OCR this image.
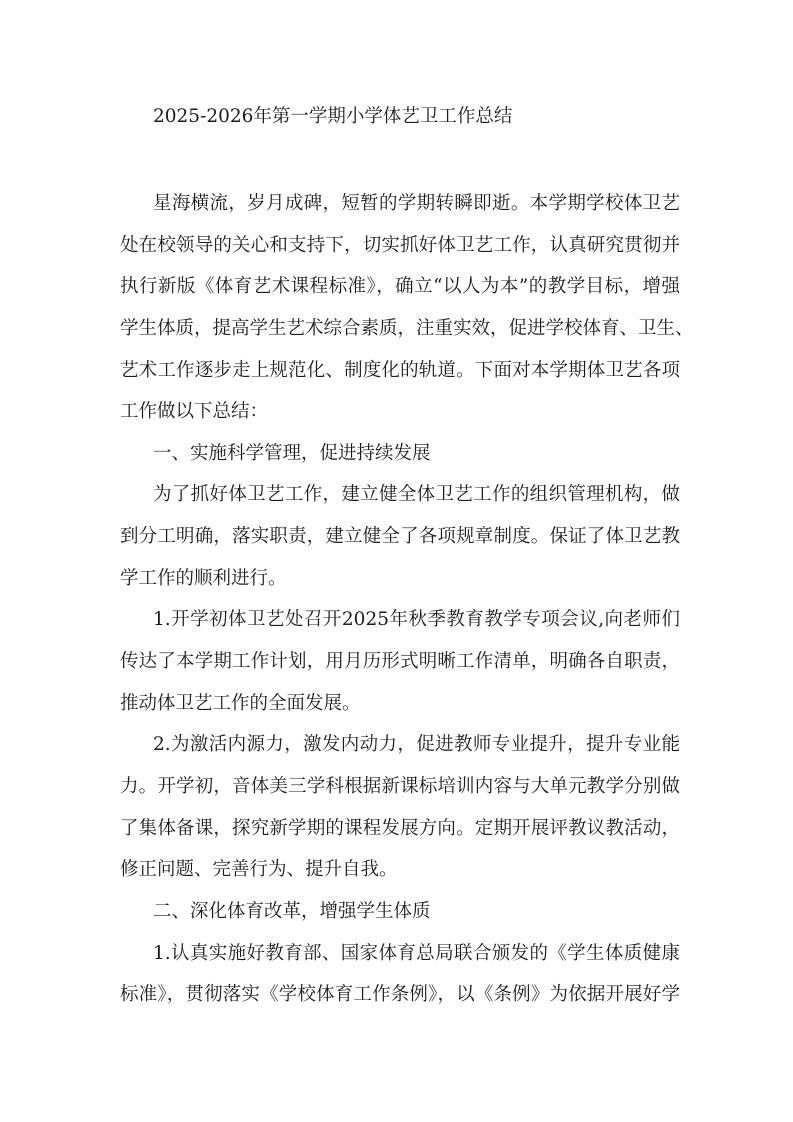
2025-2026年第一学期小学体艺卫工作总结
星海横流，岁月成碑，短暂的学期转瞬即逝。本学期学校体卫艺
处在校领导的关心和支持下，切实抓好体卫艺工作，认真研究贯彻并
执行新版《体育艺术课程标准》，确立“以人为本”的教学目标，增强
学生体质，提高学生艺术综合素质，注重实效，促进学校体育、卫生、
艺术工作逐步走上规范化、制度化的轨道。下面对本学期体卫艺各项
工作做以下总结：
一、实施科学管理，促进持续发展
为了抓好体卫艺工作，建立健全体卫艺工作的组织管理机构，做
到分工明确，落实职责，建立健全了各项规章制度。保证了体卫艺教
学工作的顺利进行。
1.开学初体卫艺处召开2025年秋季教育教学专项会议,向老师们
传达了本学期工作计划，用月历形式明晰工作清单，明确各自职责，
推动体卫艺工作的全面发展。
2.为激活内源力，激发内动力，促进教师专业提升，提升专业能
力。开学初，音体美三学科根据新课标培训内容与大单元教学分别做
了集体备课，探究新学期的课程发展方向。定期开展评教议教活动，
修正问题、完善行为、提升自我。
二、深化体育改革，增强学生体质
1.认真实施好教育部、国家体育总局联合颁发的《学生体质健康
标准》，贯彻落实《学校体育工作条例》，以《条例》为依据开展好学
